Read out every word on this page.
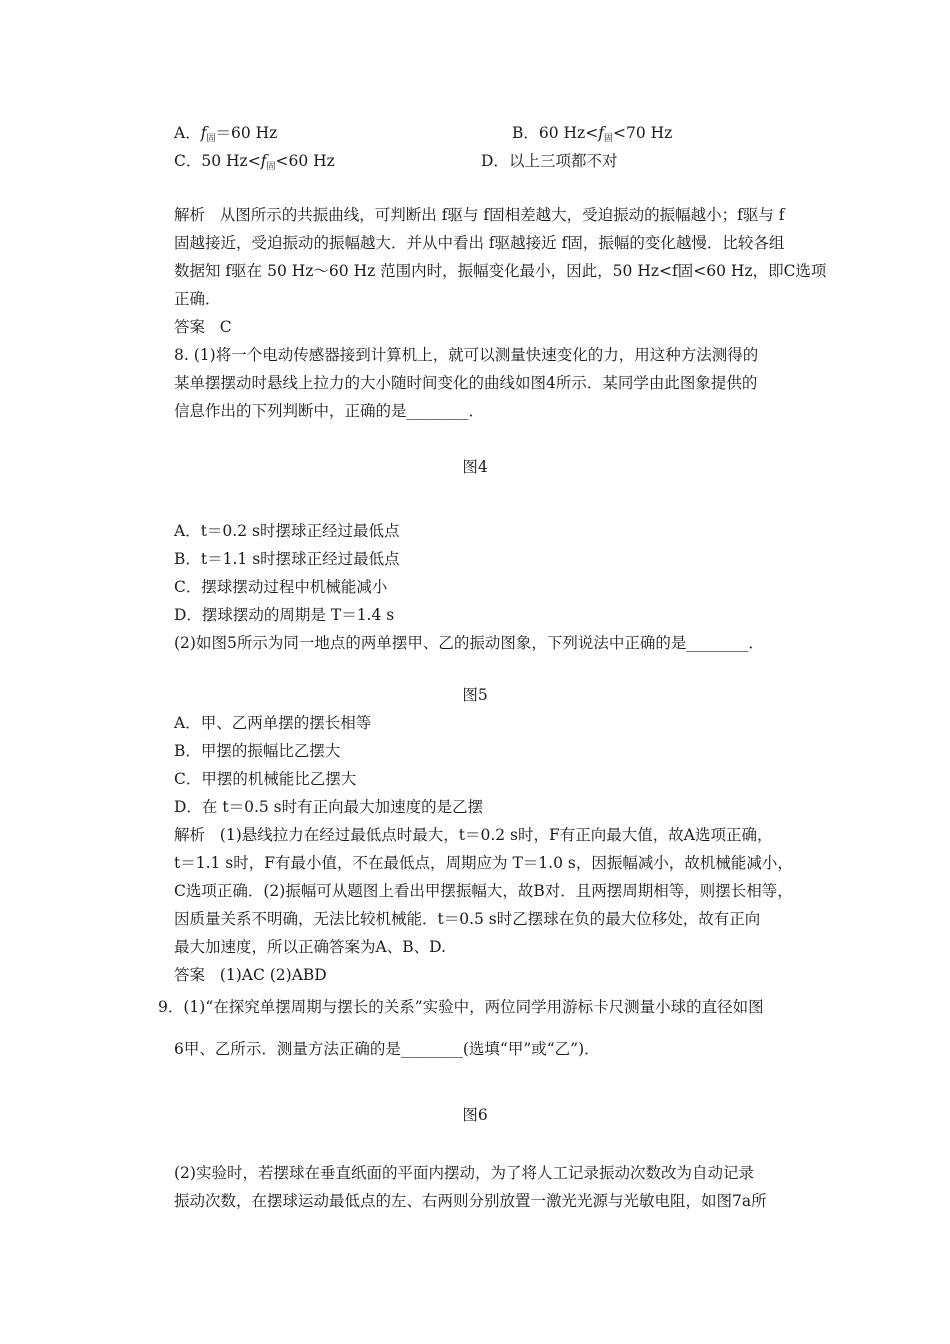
A．$f_固=60$ Hz	B．60 $Hz<f_固<70$ Hz
C．50 $Hz<f_固<60$ Hz	D．以上三项都不对
解析 从图所示的共振曲线，可判断出 f驱与 f固相差越大，受迫振动的振幅越小；f驱与 f
固越接近，受迫振动的振幅越大．并从中看出 f驱越接近 f固，振幅的变化越慢．比较各组
数据知 f驱在 50 Hz～60 Hz 范围内时，振幅变化最小，因此，50 Hz<f固<60 Hz，即C选项
正确．
答案 C
8. (1)将一个电动传感器接到计算机上，就可以测量快速变化的力，用这种方法测得的
某单摆摆动时悬线上拉力的大小随时间变化的曲线如图4所示．某同学由此图象提供的
信息作出的下列判断中，正确的是________．
图4
A．t＝0.2 s时摆球正经过最低点
B．t＝1.1 s时摆球正经过最低点
C．摆球摆动过程中机械能减小
D．摆球摆动的周期是 T＝1.4 s
(2)如图5所示为同一地点的两单摆甲、乙的振动图象，下列说法中正确的是________．
图5
A．甲、乙两单摆的摆长相等
B．甲摆的振幅比乙摆大
C．甲摆的机械能比乙摆大
D．在 t＝0.5 s时有正向最大加速度的是乙摆
解析 (1)悬线拉力在经过最低点时最大，t＝0.2 s时，F有正向最大值，故A选项正确，
t＝1.1 s时，F有最小值，不在最低点，周期应为 T＝1.0 s，因振幅减小，故机械能减小，
C选项正确．(2)振幅可从题图上看出甲摆振幅大，故B对．且两摆周期相等，则摆长相等，
因质量关系不明确，无法比较机械能．t＝0.5 s时乙摆球在负的最大位移处，故有正向
最大加速度，所以正确答案为A、B、D.
答案 (1)AC (2)ABD
9．(1)“在探究单摆周期与摆长的关系”实验中，两位同学用游标卡尺测量小球的直径如图
6甲、乙所示．测量方法正确的是________(选填“甲”或“乙”)．
图6
(2)实验时，若摆球在垂直纸面的平面内摆动，为了将人工记录振动次数改为自动记录
振动次数，在摆球运动最低点的左、右两则分别放置一激光光源与光敏电阻，如图7a所
